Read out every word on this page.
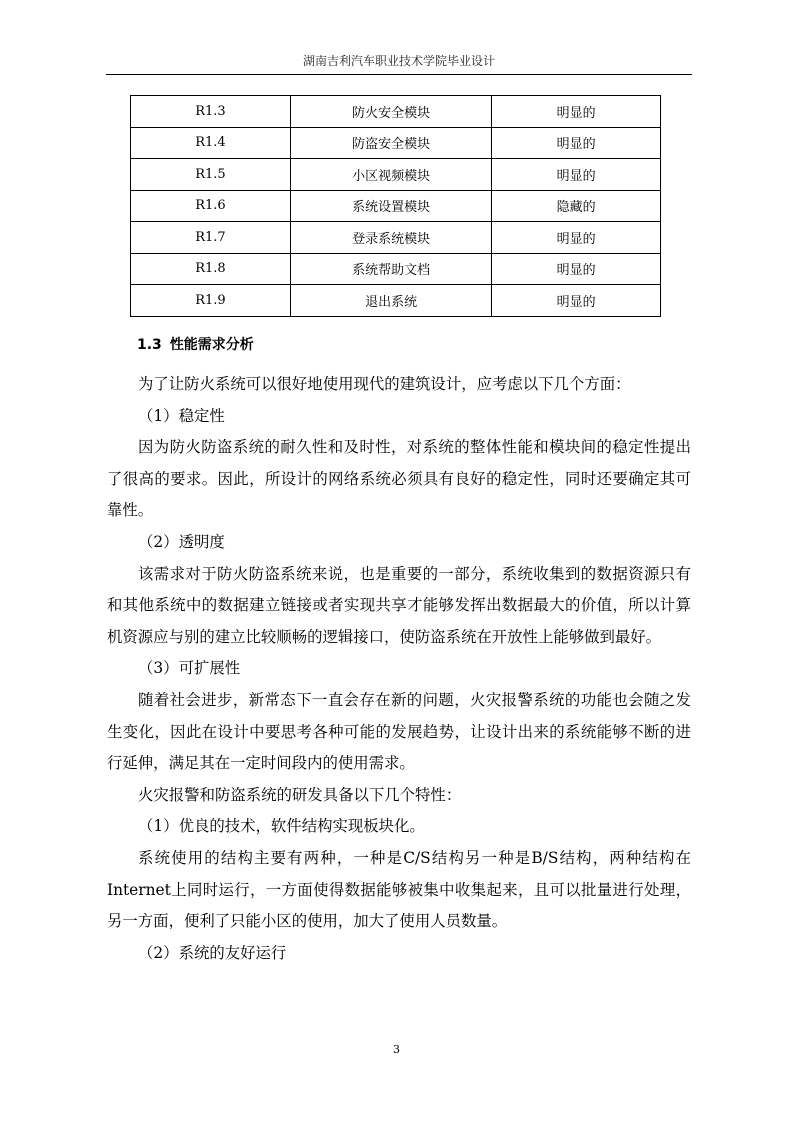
湖南吉利汽车职业技术学院毕业设计
R1.3	防火安全模块	明显的
R1.4	防盗安全模块	明显的
R1.5	小区视频模块	明显的
R1.6	系统设置模块	隐藏的
R1.7	登录系统模块	明显的
R1.8	系统帮助文档	明显的
R1.9	退出系统	明显的
1.3 性能需求分析

为了让防火系统可以很好地使用现代的建筑设计，应考虑以下几个方面：

（1）稳定性

因为防火防盗系统的耐久性和及时性，对系统的整体性能和模块间的稳定性提出了很高的要求。因此，所设计的网络系统必须具有良好的稳定性，同时还要确定其可靠性。

（2）透明度

该需求对于防火防盗系统来说，也是重要的一部分，系统收集到的数据资源只有和其他系统中的数据建立链接或者实现共享才能够发挥出数据最大的价值，所以计算机资源应与别的建立比较顺畅的逻辑接口，使防盗系统在开放性上能够做到最好。

（3）可扩展性

随着社会进步，新常态下一直会存在新的问题，火灾报警系统的功能也会随之发生变化，因此在设计中要思考各种可能的发展趋势，让设计出来的系统能够不断的进行延伸，满足其在一定时间段内的使用需求。

火灾报警和防盗系统的研发具备以下几个特性：

（1）优良的技术，软件结构实现板块化。

系统使用的结构主要有两种，一种是C/S结构另一种是B/S结构，两种结构在Internet上同时运行，一方面使得数据能够被集中收集起来，且可以批量进行处理，另一方面，便利了只能小区的使用，加大了使用人员数量。

（2）系统的友好运行

3
